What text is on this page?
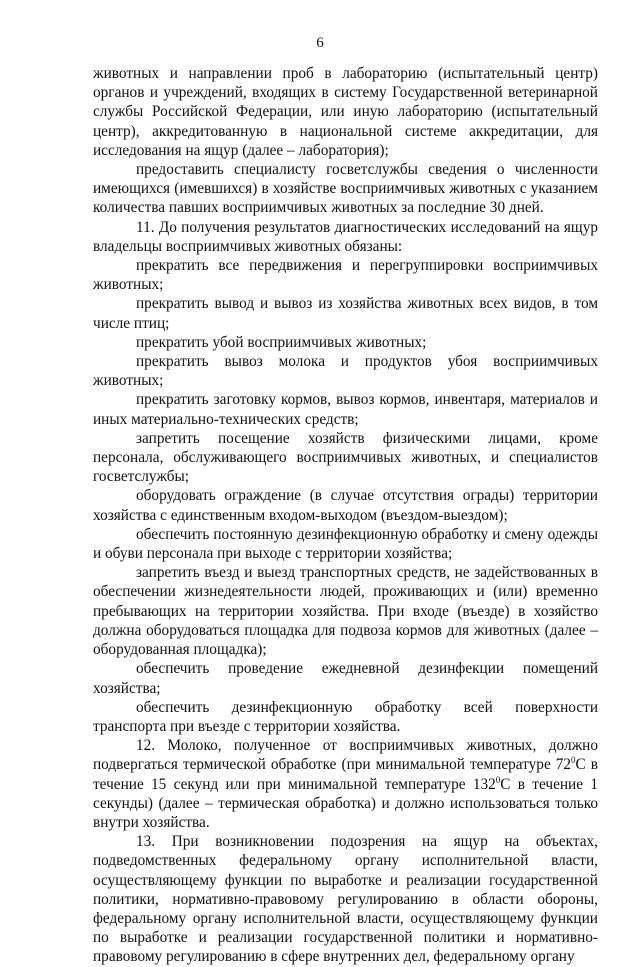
6

животных и направлении проб в лабораторию (испытательный центр) органов и учреждений, входящих в систему Государственной ветеринарной службы Российской Федерации, или иную лабораторию (испытательный центр), аккредитованную в национальной системе аккредитации, для исследования на ящур (далее – лаборатория);

предоставить специалисту госветслужбы сведения о численности имеющихся (имевшихся) в хозяйстве восприимчивых животных с указанием количества павших восприимчивых животных за последние 30 дней.

11. До получения результатов диагностических исследований на ящур владельцы восприимчивых животных обязаны:

прекратить все передвижения и перегруппировки восприимчивых животных;

прекратить вывод и вывоз из хозяйства животных всех видов, в том числе птиц;

прекратить убой восприимчивых животных;

прекратить вывоз молока и продуктов убоя восприимчивых животных;

прекратить заготовку кормов, вывоз кормов, инвентаря, материалов и иных материально-технических средств;

запретить посещение хозяйств физическими лицами, кроме персонала, обслуживающего восприимчивых животных, и специалистов госветслужбы;

оборудовать ограждение (в случае отсутствия ограды) территории хозяйства с единственным входом-выходом (въездом-выездом);

обеспечить постоянную дезинфекционную обработку и смену одежды и обуви персонала при выходе с территории хозяйства;

запретить въезд и выезд транспортных средств, не задействованных в обеспечении жизнедеятельности людей, проживающих и (или) временно пребывающих на территории хозяйства. При входе (въезде) в хозяйство должна оборудоваться площадка для подвоза кормов для животных (далее – оборудованная площадка);

обеспечить проведение ежедневной дезинфекции помещений хозяйства;

обеспечить дезинфекционную обработку всей поверхности транспорта при въезде с территории хозяйства.

12. Молоко, полученное от восприимчивых животных, должно подвергаться термической обработке (при минимальной температуре $72^0С$ в течение 15 секунд или при минимальной температуре $132^0С$ в течение 1 секунды) (далее – термическая обработка) и должно использоваться только внутри хозяйства.

13. При возникновении подозрения на ящур на объектах, подведомственных федеральному органу исполнительной власти, осуществляющему функции по выработке и реализации государственной политики, нормативно-правовому регулированию в области обороны, федеральному органу исполнительной власти, осуществляющему функции по выработке и реализации государственной политики и нормативно-правовому регулированию в сфере внутренних дел, федеральному органу
